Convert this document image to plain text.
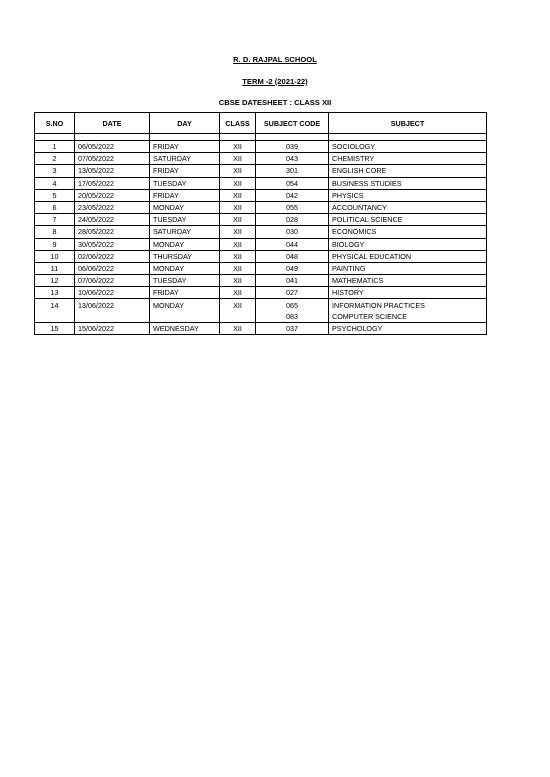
R. D. RAJPAL SCHOOL
TERM -2 (2021-22)
CBSE DATESHEET : CLASS XII
S.NO	DATE	DAY	CLASS	SUBJECT CODE	SUBJECT

1	06/05/2022	FRIDAY	XII	039	SOCIOLOGY
2	07/05/2022	SATURDAY	XII	043	CHEMISTRY
3	13/05/2022	FRIDAY	XII	301	ENGLISH CORE
4	17/05/2022	TUESDAY	XII	054	BUSINESS STUDIES
5	20/05/2022	FRIDAY	XII	042	PHYSICS
6	23/05/2022	MONDAY	XII	055	ACCOUNTANCY
7	24/05/2022	TUESDAY	XII	028	POLITICAL SCIENCE
8	28/05/2022	SATURDAY	XII	030	ECONOMICS
9	30/05/2022	MONDAY	XII	044	BIOLOGY
10	02/06/2022	THURSDAY	XII	048	PHYSICAL EDUCATION
11	06/06/2022	MONDAY	XII	049	PAINTING
12	07/06/2022	TUESDAY	XII	041	MATHEMATICS
13	10/06/2022	FRIDAY	XII	027	HISTORY
14	13/06/2022	MONDAY	XII	065	INFORMATION PRACTICES
				083	COMPUTER SCIENCE
15	15/06/2022	WEDNESDAY	XII	037	PSYCHOLOGY
